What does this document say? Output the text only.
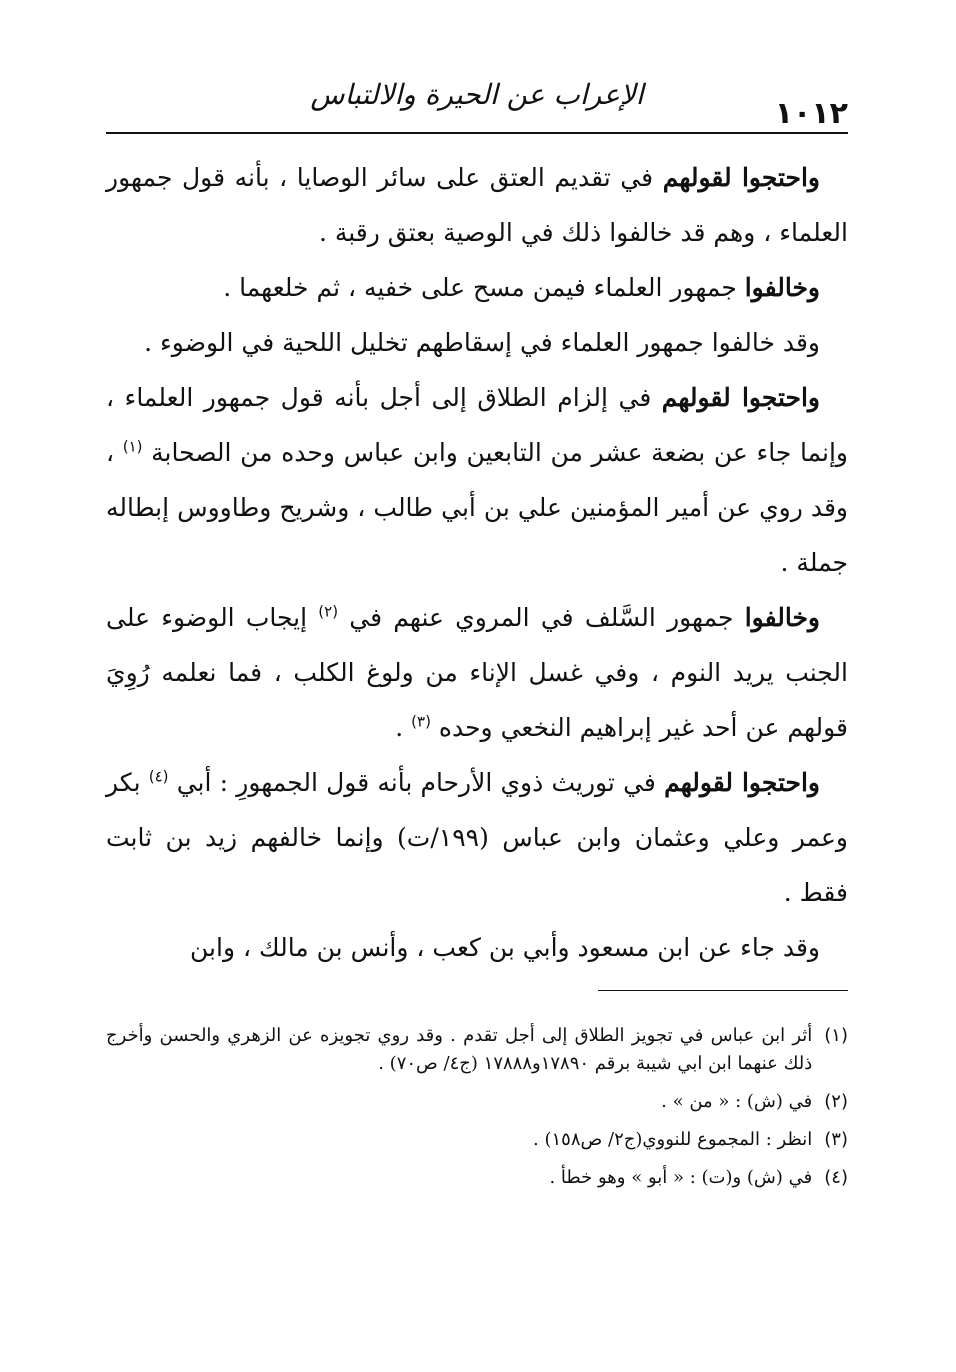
١٠١٢
الإعراب عن الحيرة والالتباس

واحتجوا لقولهم في تقديم العتق على سائر الوصايا ، بأنه قول جمهور العلماء ، وهم قد خالفوا ذلك في الوصية بعتق رقبة .

وخالفوا جمهور العلماء فيمن مسح على خفيه ، ثم خلعهما .

وقد خالفوا جمهور العلماء في إسقاطهم تخليل اللحية في الوضوء .

واحتجوا لقولهم في إلزام الطلاق إلى أجل بأنه قول جمهور العلماء ، وإنما جاء عن بضعة عشر من التابعين وابن عباس وحده من الصحابة $^{(١)}$ ، وقد روي عن أمير المؤمنين علي بن أبي طالب ، وشريح وطاووس إبطاله جملة .

وخالفوا جمهور السَّلف في المروي عنهم في $^{(٢)}$ إيجاب الوضوء على الجنب يريد النوم ، وفي غسل الإناء من ولوغ الكلب ، فما نعلمه رُوِيَ قولهم عن أحد غير إبراهيم النخعي وحده $^{(٣)}$ .

واحتجوا لقولهم في توريث ذوي الأرحام بأنه قول الجمهورِ : أبي $^{(٤)}$ بكر وعمر وعلي وعثمان وابن عباس (١٩٩/ت) وإنما خالفهم زيد بن ثابت فقط .

وقد جاء عن ابن مسعود وأبي بن كعب ، وأنس بن مالك ، وابن

(١)
أثر ابن عباس في تجويز الطلاق إلى أجل تقدم . وقد روي تجويزه عن الزهري والحسن وأخرج ذلك عنهما ابن ابي شيبة برقم ١٧٨٩٠و١٧٨٨٨ (ج٤/ ص٧٠) .
(٢)
في (ش) : « من » .
(٣)
انظر : المجموع للنووي(ج٢/ ص١٥٨) .
(٤)
في (ش) و(ت) : « أبو » وهو خطأ .
